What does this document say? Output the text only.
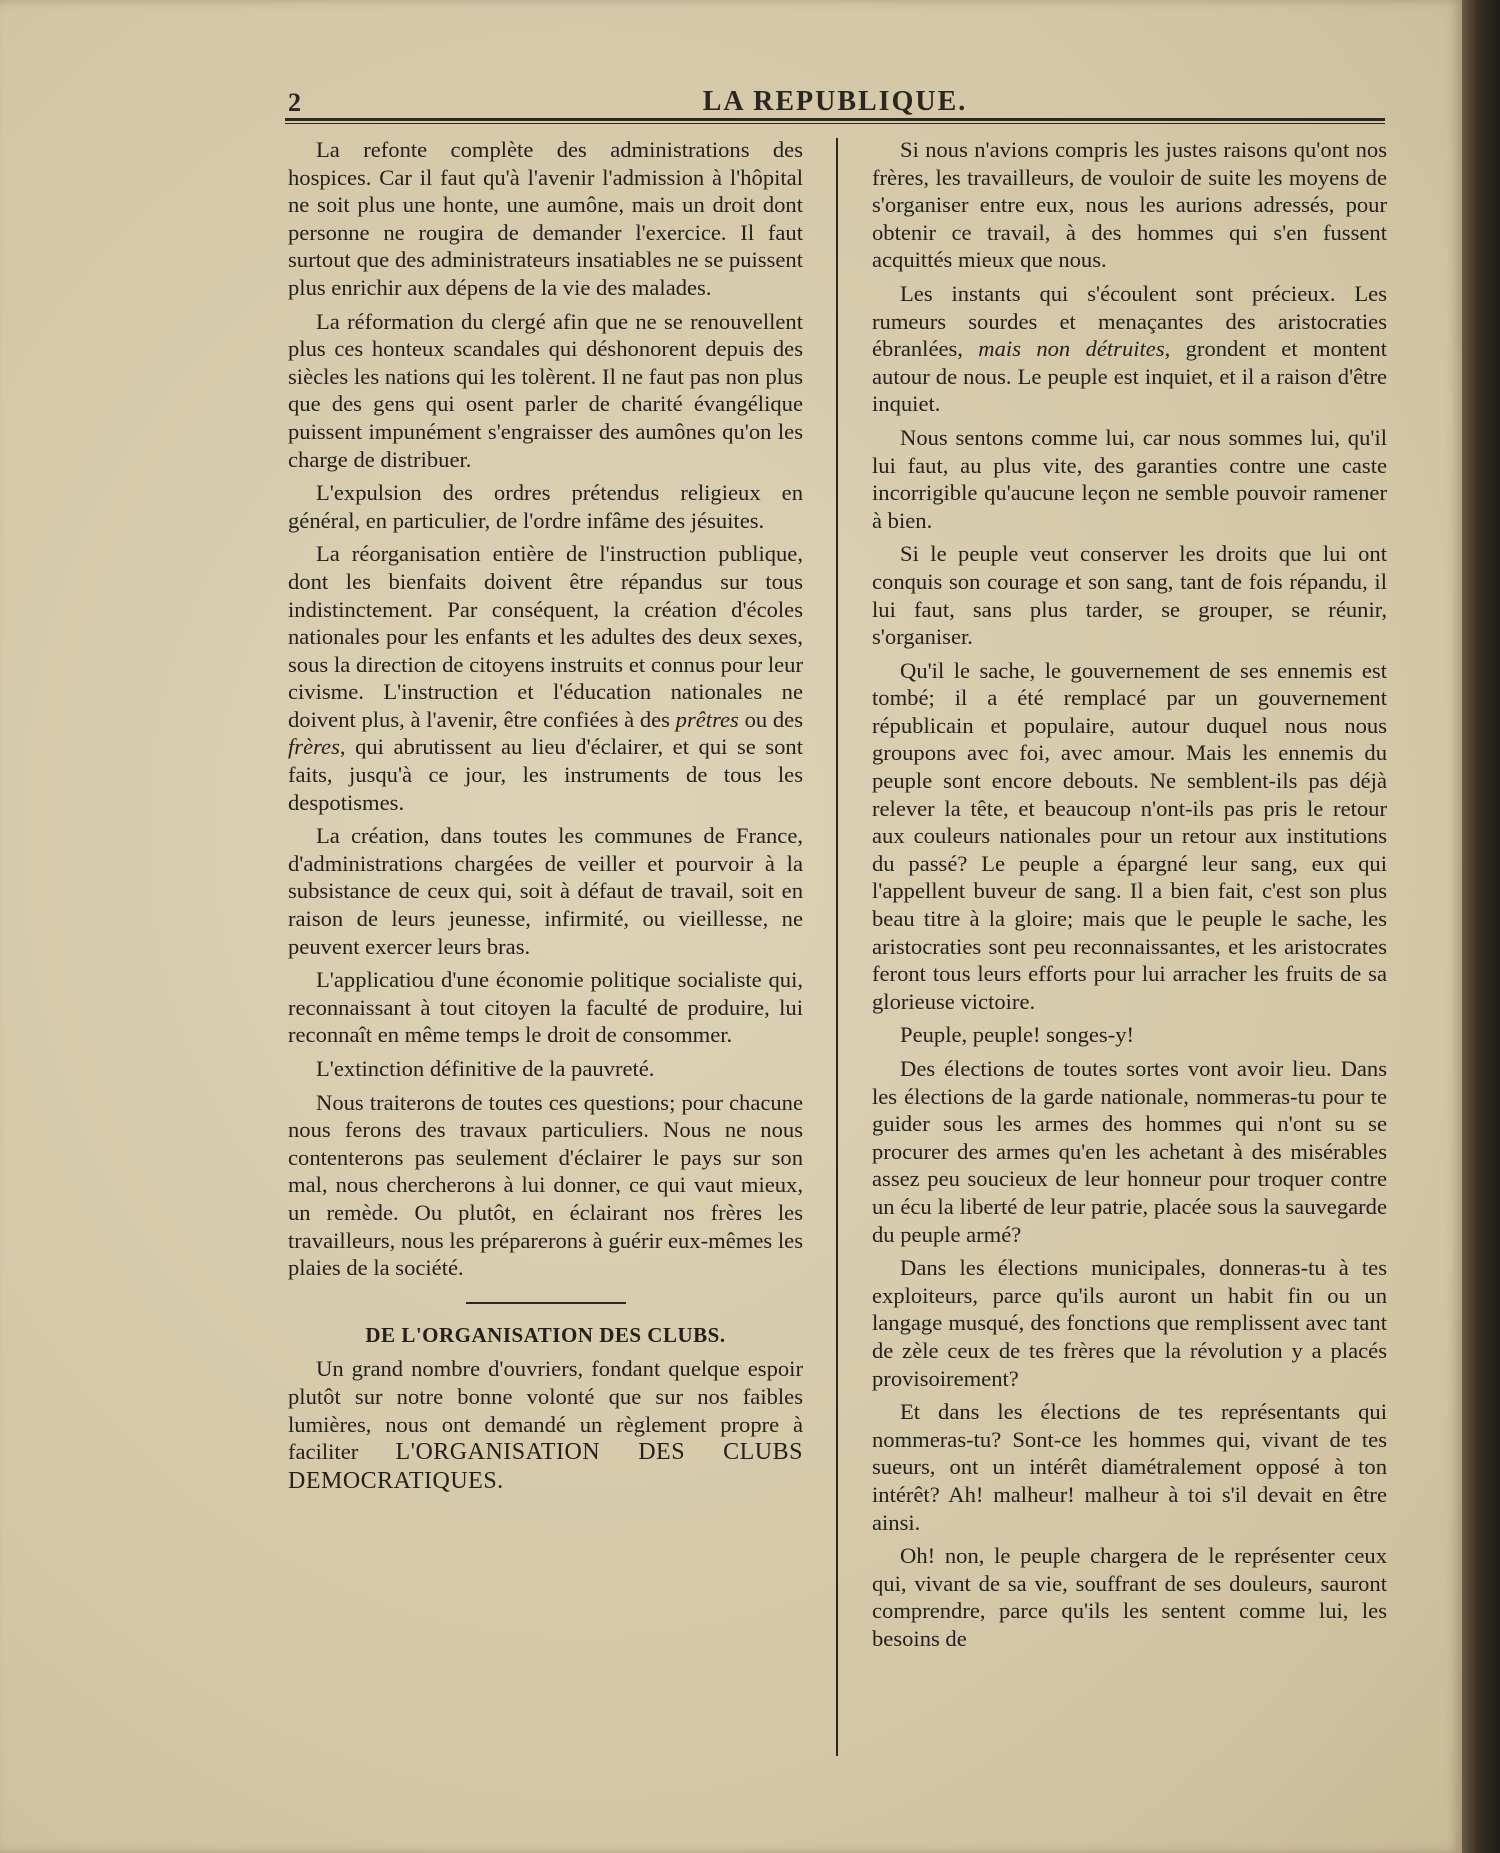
2	LA REPUBLIQUE.

La refonte complète des administrations des hospices. Car il faut qu'à l'avenir l'admission à l'hôpital ne soit plus une honte, une aumône, mais un droit dont personne ne rougira de demander l'exercice. Il faut surtout que des administrateurs insatiables ne se puissent plus enrichir aux dépens de la vie des malades.

La réformation du clergé afin que ne se renouvellent plus ces honteux scandales qui déshonorent depuis des siècles les nations qui les tolèrent. Il ne faut pas non plus que des gens qui osent parler de charité évangélique puissent impunément s'engraisser des aumônes qu'on les charge de distribuer.

L'expulsion des ordres prétendus religieux en général, en particulier, de l'ordre infâme des jésuites.

La réorganisation entière de l'instruction publique, dont les bienfaits doivent être répandus sur tous indistinctement. Par conséquent, la création d'écoles nationales pour les enfants et les adultes des deux sexes, sous la direction de citoyens instruits et connus pour leur civisme. L'instruction et l'éducation nationales ne doivent plus, à l'avenir, être confiées à des prêtres ou des frères, qui abrutissent au lieu d'éclairer, et qui se sont faits, jusqu'à ce jour, les instruments de tous les despotismes.

La création, dans toutes les communes de France, d'administrations chargées de veiller et pourvoir à la subsistance de ceux qui, soit à défaut de travail, soit en raison de leurs jeunesse, infirmité, ou vieillesse, ne peuvent exercer leurs bras.

L'applicatiou d'une économie politique socialiste qui, reconnaissant à tout citoyen la faculté de produire, lui reconnaît en même temps le droit de consommer.

L'extinction définitive de la pauvreté.

Nous traiterons de toutes ces questions; pour chacune nous ferons des travaux particuliers. Nous ne nous contenterons pas seulement d'éclairer le pays sur son mal, nous chercherons à lui donner, ce qui vaut mieux, un remède. Ou plutôt, en éclairant nos frères les travailleurs, nous les préparerons à guérir eux-mêmes les plaies de la société.

DE L'ORGANISATION DES CLUBS.

Un grand nombre d'ouvriers, fondant quelque espoir plutôt sur notre bonne volonté que sur nos faibles lumières, nous ont demandé un règlement propre à faciliter L'ORGANISATION DES CLUBS DEMOCRATIQUES.

Si nous n'avions compris les justes raisons qu'ont nos frères, les travailleurs, de vouloir de suite les moyens de s'organiser entre eux, nous les aurions adressés, pour obtenir ce travail, à des hommes qui s'en fussent acquittés mieux que nous.

Les instants qui s'écoulent sont précieux. Les rumeurs sourdes et menaçantes des aristocraties ébranlées, mais non détruites, grondent et montent autour de nous. Le peuple est inquiet, et il a raison d'être inquiet.

Nous sentons comme lui, car nous sommes lui, qu'il lui faut, au plus vite, des garanties contre une caste incorrigible qu'aucune leçon ne semble pouvoir ramener à bien.

Si le peuple veut conserver les droits que lui ont conquis son courage et son sang, tant de fois répandu, il lui faut, sans plus tarder, se grouper, se réunir, s'organiser.

Qu'il le sache, le gouvernement de ses ennemis est tombé; il a été remplacé par un gouvernement républicain et populaire, autour duquel nous nous groupons avec foi, avec amour. Mais les ennemis du peuple sont encore debouts. Ne semblent-ils pas déjà relever la tête, et beaucoup n'ont-ils pas pris le retour aux couleurs nationales pour un retour aux institutions du passé? Le peuple a épargné leur sang, eux qui l'appellent buveur de sang. Il a bien fait, c'est son plus beau titre à la gloire; mais que le peuple le sache, les aristocraties sont peu reconnaissantes, et les aristocrates feront tous leurs efforts pour lui arracher les fruits de sa glorieuse victoire.

Peuple, peuple! songes-y!

Des élections de toutes sortes vont avoir lieu. Dans les élections de la garde nationale, nommeras-tu pour te guider sous les armes des hommes qui n'ont su se procurer des armes qu'en les achetant à des misérables assez peu soucieux de leur honneur pour troquer contre un écu la liberté de leur patrie, placée sous la sauvegarde du peuple armé?

Dans les élections municipales, donneras-tu à tes exploiteurs, parce qu'ils auront un habit fin ou un langage musqué, des fonctions que remplissent avec tant de zèle ceux de tes frères que la révolution y a placés provisoirement?

Et dans les élections de tes représentants qui nommeras-tu? Sont-ce les hommes qui, vivant de tes sueurs, ont un intérêt diamétralement opposé à ton intérêt? Ah! malheur! malheur à toi s'il devait en être ainsi.

Oh! non, le peuple chargera de le représenter ceux qui, vivant de sa vie, souffrant de ses douleurs, sauront comprendre, parce qu'ils les sentent comme lui, les besoins de
